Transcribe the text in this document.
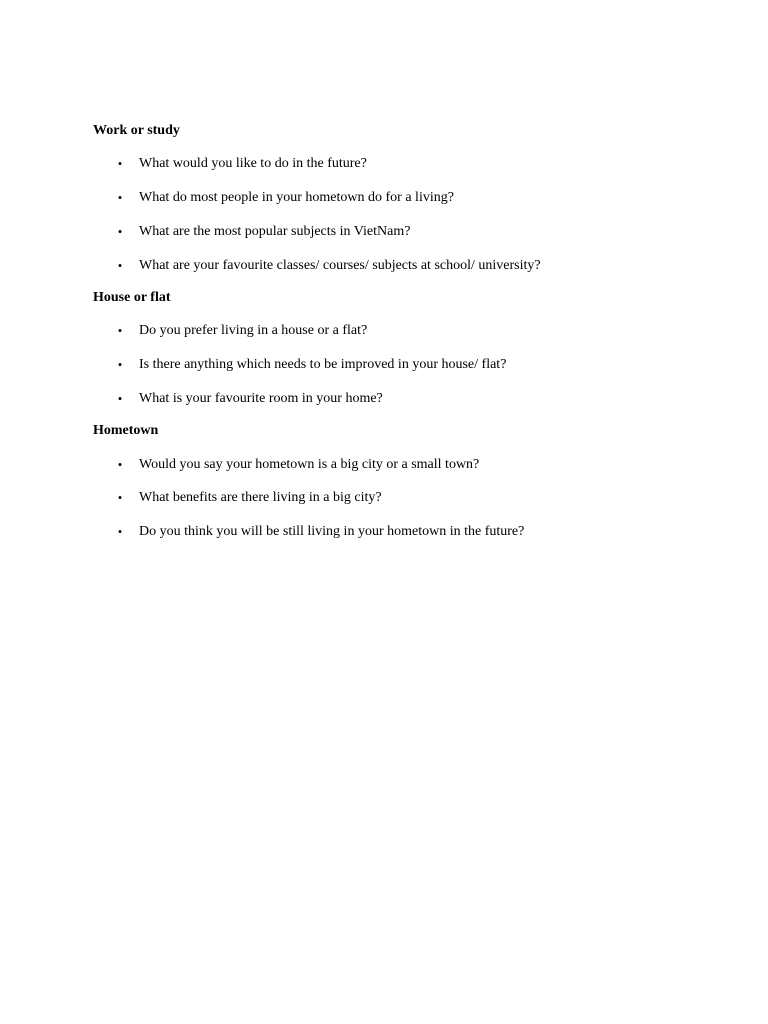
Work or study
• What would you like to do in the future?
• What do most people in your hometown do for a living?
• What are the most popular subjects in VietNam?
• What are your favourite classes/ courses/ subjects at school/ university?
House or flat
• Do you prefer living in a house or a flat?
• Is there anything which needs to be improved in your house/ flat?
• What is your favourite room in your home?
Hometown
• Would you say your hometown is a big city or a small town?
• What benefits are there living in a big city?
• Do you think you will be still living in your hometown in the future?
